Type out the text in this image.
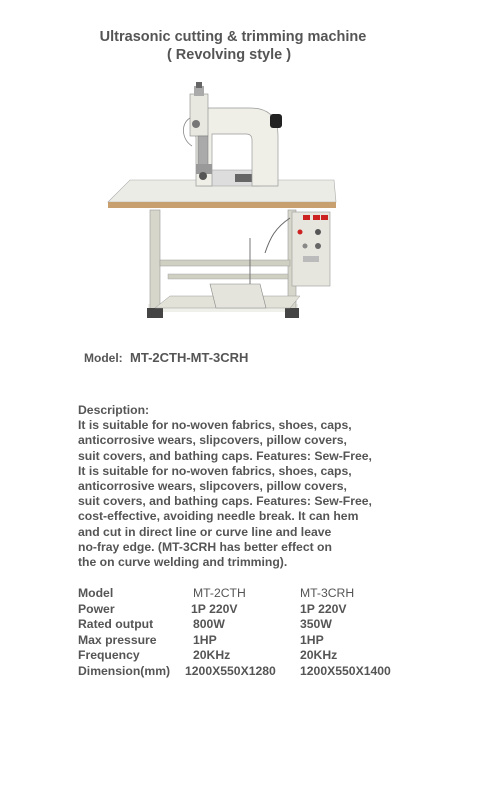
Ultrasonic cutting & trimming machine
( Revolving style )
Model: MT-2CTH-MT-3CRH
Description:
It is suitable for no-woven fabrics, shoes, caps,
anticorrosive wears, slipcovers, pillow covers,
suit covers, and bathing caps. Features: Sew-Free,
It is suitable for no-woven fabrics, shoes, caps,
anticorrosive wears, slipcovers, pillow covers,
suit covers, and bathing caps. Features: Sew-Free,
cost-effective, avoiding needle break. It can hem
and cut in direct line or curve line and leave
no-fray edge. (MT-3CRH has better effect on
the on curve welding and trimming).
Model	MT-2CTH	MT-3CRH
Power	1P 220V	1P 220V
Rated output	800W	350W
Max pressure	1HP	1HP
Frequency	20KHz	20KHz
Dimension(mm)	1200X550X1280	1200X550X1400
